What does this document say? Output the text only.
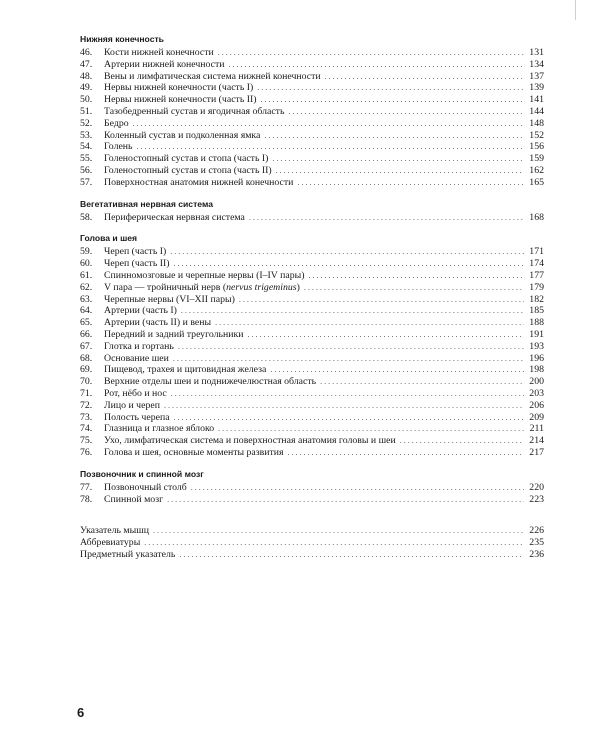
Нижняя конечность
46.	Кости нижней конечности . . .	131
47.	Артерии нижней конечности . . .	134
48.	Вены и лимфатическая система нижней конечности . . .	137
49.	Нервы нижней конечности (часть I) . . .	139
50.	Нервы нижней конечности (часть II) . . .	141
51.	Тазобедренный сустав и ягодичная область . . .	144
52.	Бедро . . .	148
53.	Коленный сустав и подколенная ямка . . .	152
54.	Голень . . .	156
55.	Голеностопный сустав и стопа (часть I) . . .	159
56.	Голеностопный сустав и стопа (часть II) . . .	162
57.	Поверхностная анатомия нижней конечности . . .	165
Вегетативная нервная система
58.	Периферическая нервная система . . .	168
Голова и шея
59.	Череп (часть I) . . .	171
60.	Череп (часть II) . . .	174
61.	Спинномозговые и черепные нервы (I–IV пары) . . .	177
62.	V пара — тройничный нерв (nervus trigeminus) . . .	179
63.	Черепные нервы (VI–XII пары) . . .	182
64.	Артерии (часть I) . . .	185
65.	Артерии (часть II) и вены . . .	188
66.	Передний и задний треугольники . . .	191
67.	Глотка и гортань . . .	193
68.	Основание шеи . . .	196
69.	Пищевод, трахея и щитовидная железа . . .	198
70.	Верхние отделы шеи и поднижечелюстная область . . .	200
71.	Рот, нёбо и нос . . .	203
72.	Лицо и череп . . .	206
73.	Полость черепа . . .	209
74.	Глазница и глазное яблоко . . .	211
75.	Ухо, лимфатическая система и поверхностная анатомия головы и шеи . . .	214
76.	Голова и шея, основные моменты развития . . .	217
Позвоночник и спинной мозг
77.	Позвоночный столб . . .	220
78.	Спинной мозг . . .	223
Указатель мышц . . .	226
Аббревиатуры . . .	235
Предметный указатель . . .	236
6
